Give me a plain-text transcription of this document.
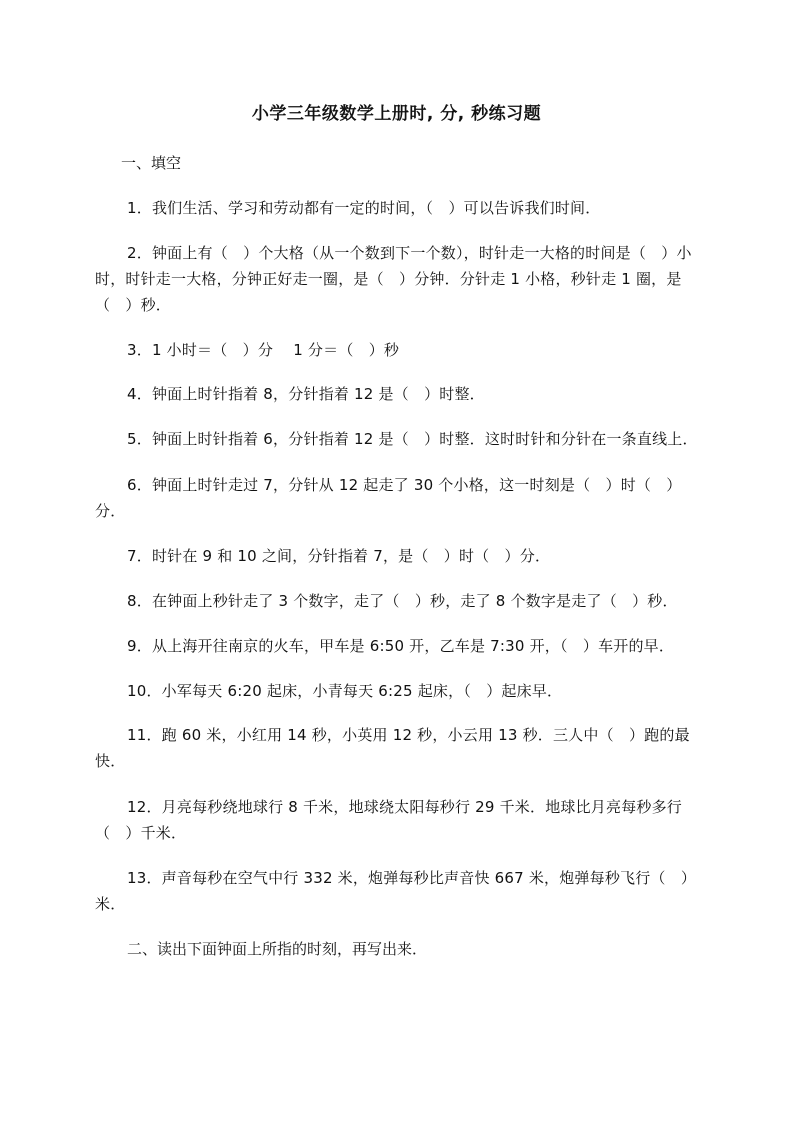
小学三年级数学上册时, 分, 秒练习题
一、填空
1．我们生活、学习和劳动都有一定的时间，（　）可以告诉我们时间．
2．钟面上有（　）个大格（从一个数到下一个数），时针走一大格的时间是（　）小时，时针走一大格，分钟正好走一圈，是（　）分钟．分针走 1 小格，秒针走 1 圈，是（　）秒．
3．1 小时＝（　）分　 1 分＝（　）秒
4．钟面上时针指着 8，分针指着 12 是（　）时整．
5．钟面上时针指着 6，分针指着 12 是（　）时整．这时时针和分针在一条直线上．
6．钟面上时针走过 7，分针从 12 起走了 30 个小格，这一时刻是（　）时（　）分．
7．时针在 9 和 10 之间，分针指着 7，是（　）时（　）分．
8．在钟面上秒针走了 3 个数字，走了（　）秒，走了 8 个数字是走了（　）秒．
9．从上海开往南京的火车，甲车是 6:50 开，乙车是 7:30 开，（　）车开的早．
10．小军每天 6:20 起床，小青每天 6:25 起床，（　）起床早．
11．跑 60 米，小红用 14 秒，小英用 12 秒，小云用 13 秒．三人中（　）跑的最快．
12．月亮每秒绕地球行 8 千米，地球绕太阳每秒行 29 千米．地球比月亮每秒多行（　）千米．
13．声音每秒在空气中行 332 米，炮弹每秒比声音快 667 米，炮弹每秒飞行（　）米．
二、读出下面钟面上所指的时刻，再写出来．
